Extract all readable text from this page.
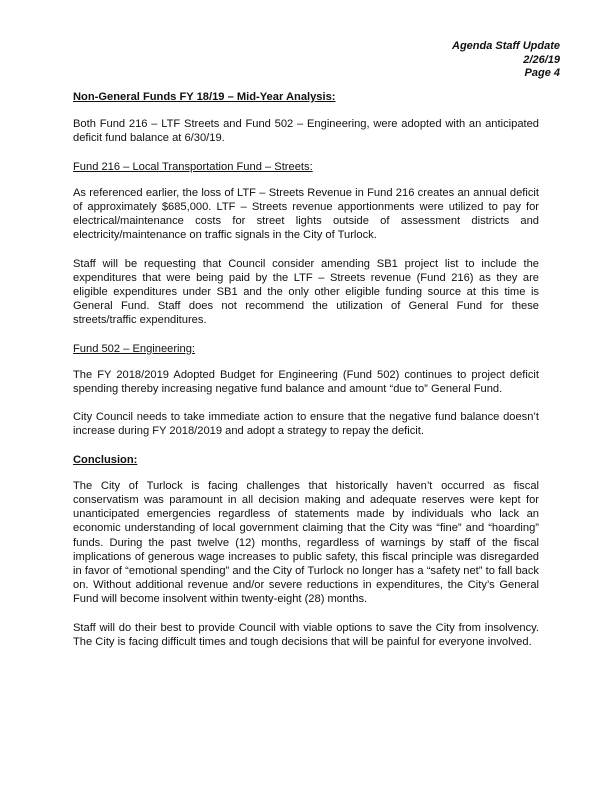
Agenda Staff Update
2/26/19
Page 4

Non-General Funds FY 18/19 – Mid-Year Analysis:

Both Fund 216 – LTF Streets and Fund 502 – Engineering, were adopted with an anticipated deficit fund balance at 6/30/19.

Fund 216 – Local Transportation Fund – Streets:

As referenced earlier, the loss of LTF – Streets Revenue in Fund 216 creates an annual deficit of approximately $685,000. LTF – Streets revenue apportionments were utilized to pay for electrical/maintenance costs for street lights outside of assessment districts and electricity/maintenance on traffic signals in the City of Turlock.

Staff will be requesting that Council consider amending SB1 project list to include the expenditures that were being paid by the LTF – Streets revenue (Fund 216) as they are eligible expenditures under SB1 and the only other eligible funding source at this time is General Fund. Staff does not recommend the utilization of General Fund for these streets/traffic expenditures.

Fund 502 – Engineering:

The FY 2018/2019 Adopted Budget for Engineering (Fund 502) continues to project deficit spending thereby increasing negative fund balance and amount “due to” General Fund.

City Council needs to take immediate action to ensure that the negative fund balance doesn’t increase during FY 2018/2019 and adopt a strategy to repay the deficit.

Conclusion:

The City of Turlock is facing challenges that historically haven’t occurred as fiscal conservatism was paramount in all decision making and adequate reserves were kept for unanticipated emergencies regardless of statements made by individuals who lack an economic understanding of local government claiming that the City was “fine” and “hoarding” funds. During the past twelve (12) months, regardless of warnings by staff of the fiscal implications of generous wage increases to public safety, this fiscal principle was disregarded in favor of “emotional spending” and the City of Turlock no longer has a “safety net” to fall back on. Without additional revenue and/or severe reductions in expenditures, the City’s General Fund will become insolvent within twenty-eight (28) months.

Staff will do their best to provide Council with viable options to save the City from insolvency. The City is facing difficult times and tough decisions that will be painful for everyone involved.
